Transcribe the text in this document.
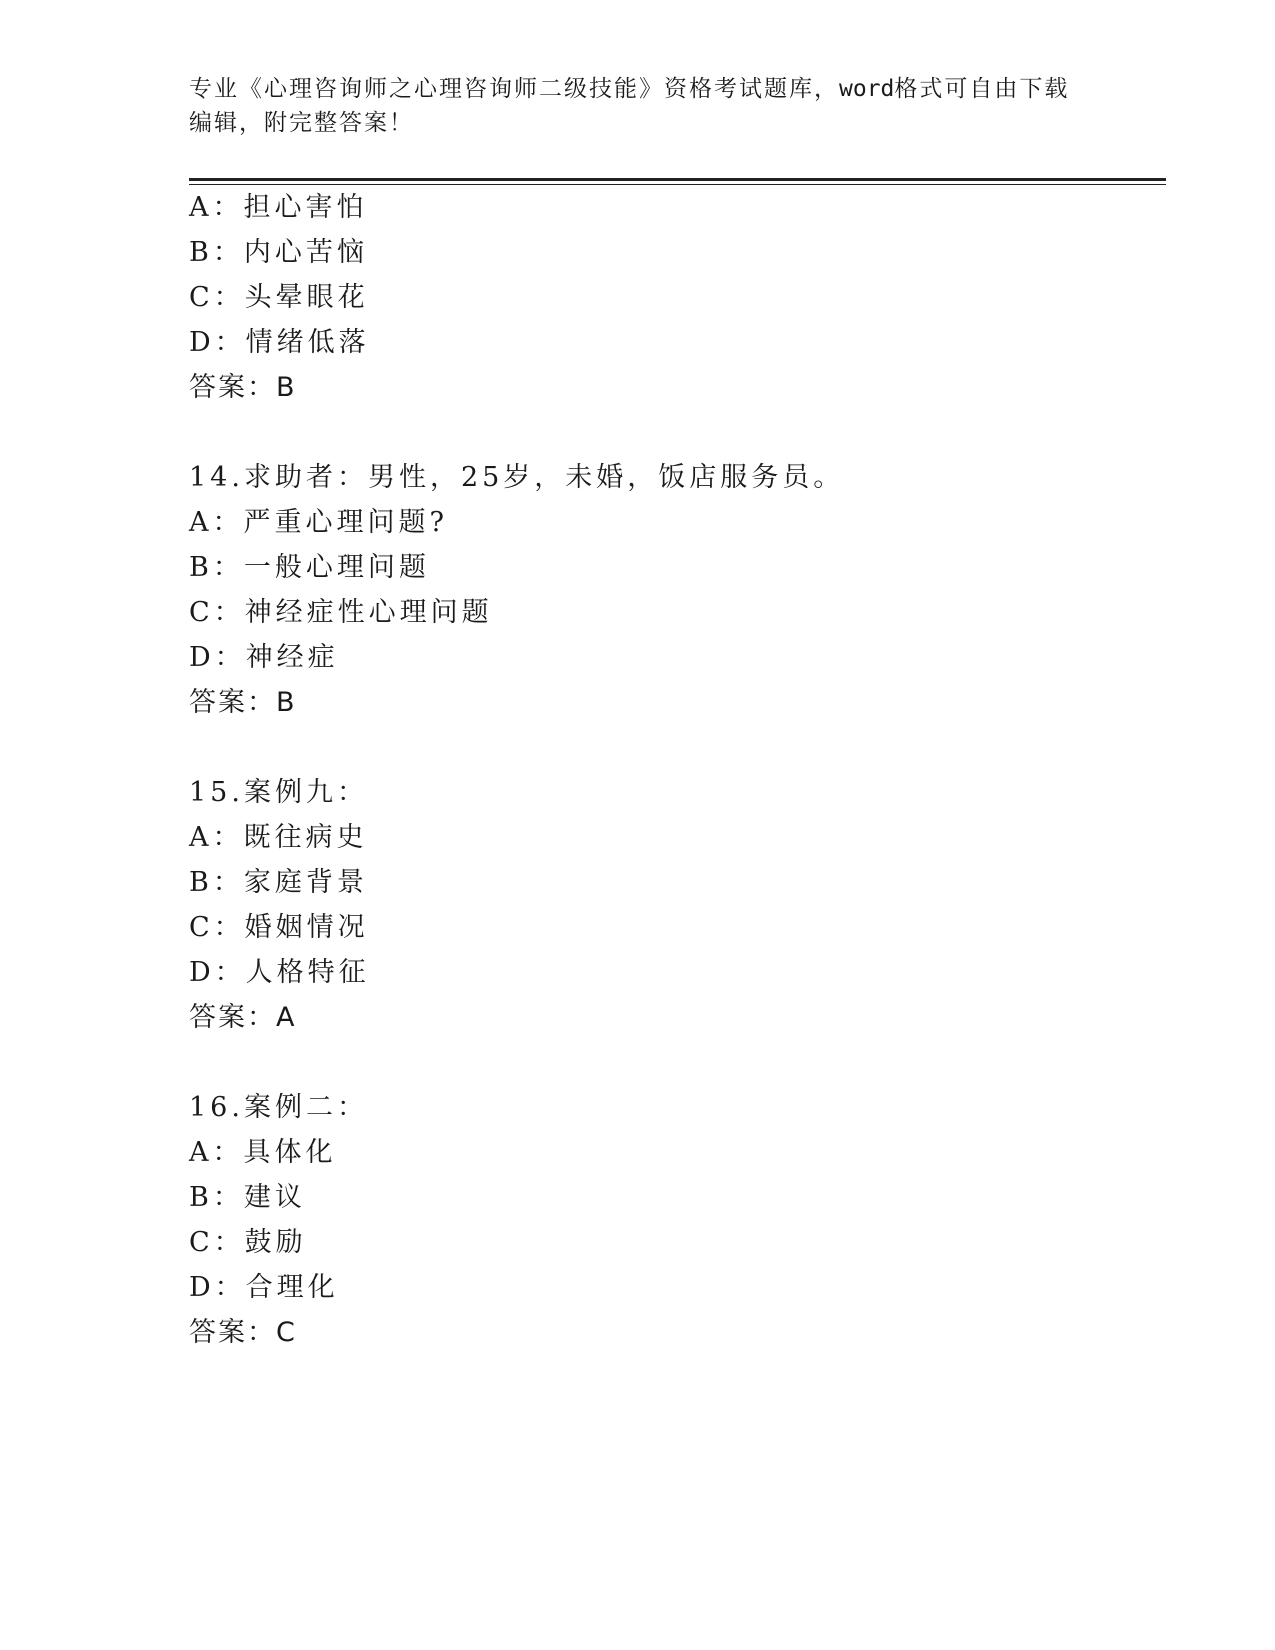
专业《心理咨询师之心理咨询师二级技能》资格考试题库，word格式可自由下载
编辑，附完整答案！
A：担心害怕
B：内心苦恼
C：头晕眼花
D：情绪低落
答案：B
14.求助者：男性，25岁，未婚，饭店服务员。
A：严重心理问题?
B：一般心理问题
C：神经症性心理问题
D：神经症
答案：B
15.案例九：
A：既往病史
B：家庭背景
C：婚姻情况
D：人格特征
答案：A
16.案例二：
A：具体化
B：建议
C：鼓励
D：合理化
答案：C
